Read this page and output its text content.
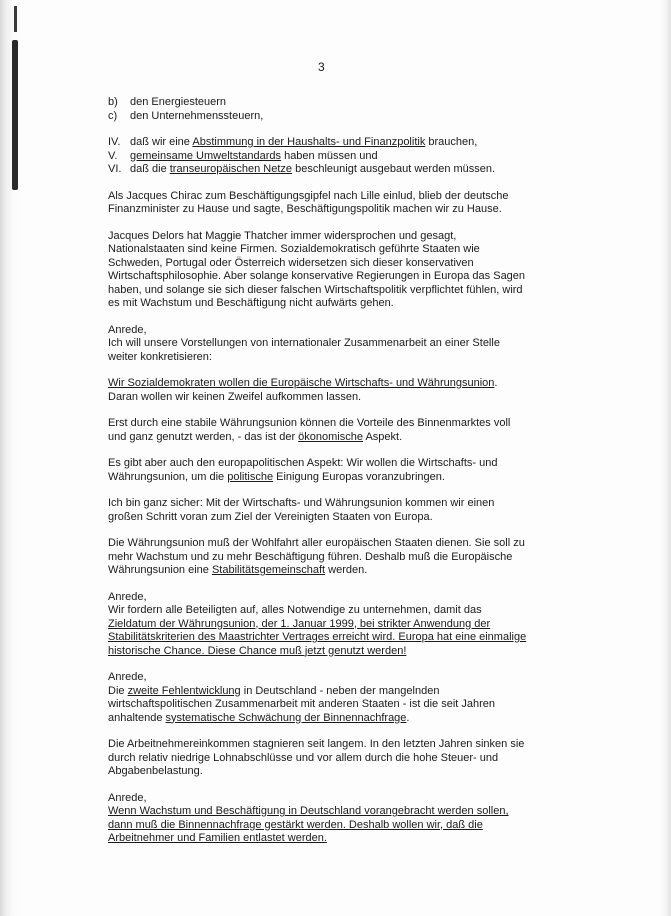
3
b)	den Energiesteuern
c)	den Unternehmenssteuern,
IV. daß wir eine Abstimmung in der Haushalts- und Finanzpolitik brauchen,
V.	gemeinsame Umweltstandards haben müssen und
VI. daß die transeuropäischen Netze beschleunigt ausgebaut werden müssen.
Als Jacques Chirac zum Beschäftigungsgipfel nach Lille einlud, blieb der deutsche
Finanzminister zu Hause und sagte, Beschäftigungspolitik machen wir zu Hause.
Jacques Delors hat Maggie Thatcher immer widersprochen und gesagt,
Nationalstaaten sind keine Firmen. Sozialdemokratisch geführte Staaten wie
Schweden, Portugal oder Österreich widersetzen sich dieser konservativen
Wirtschaftsphilosophie. Aber solange konservative Regierungen in Europa das Sagen
haben, und solange sie sich dieser falschen Wirtschaftspolitik verpflichtet fühlen, wird
es mit Wachstum und Beschäftigung nicht aufwärts gehen.
Anrede,
Ich will unsere Vorstellungen von internationaler Zusammenarbeit an einer Stelle
weiter konkretisieren:
Wir Sozialdemokraten wollen die Europäische Wirtschafts- und Währungsunion.
Daran wollen wir keinen Zweifel aufkommen lassen.
Erst durch eine stabile Währungsunion können die Vorteile des Binnenmarktes voll
und ganz genutzt werden, - das ist der ökonomische Aspekt.
Es gibt aber auch den europapolitischen Aspekt: Wir wollen die Wirtschafts- und
Währungsunion, um die politische Einigung Europas voranzubringen.
Ich bin ganz sicher: Mit der Wirtschafts- und Währungsunion kommen wir einen
großen Schritt voran zum Ziel der Vereinigten Staaten von Europa.
Die Währungsunion muß der Wohlfahrt aller europäischen Staaten dienen. Sie soll zu
mehr Wachstum und zu mehr Beschäftigung führen. Deshalb muß die Europäische
Währungsunion eine Stabilitätsgemeinschaft werden.
Anrede,
Wir fordern alle Beteiligten auf, alles Notwendige zu unternehmen, damit das
Zieldatum der Währungsunion, der 1. Januar 1999, bei strikter Anwendung der
Stabilitätskriterien des Maastrichter Vertrages erreicht wird. Europa hat eine einmalige
historische Chance. Diese Chance muß jetzt genutzt werden!
Anrede,
Die zweite Fehlentwicklung in Deutschland - neben der mangelnden
wirtschaftspolitischen Zusammenarbeit mit anderen Staaten - ist die seit Jahren
anhaltende systematische Schwächung der Binnennachfrage.
Die Arbeitnehmereinkommen stagnieren seit langem. In den letzten Jahren sinken sie
durch relativ niedrige Lohnabschlüsse und vor allem durch die hohe Steuer- und
Abgabenbelastung.
Anrede,
Wenn Wachstum und Beschäftigung in Deutschland vorangebracht werden sollen,
dann muß die Binnennachfrage gestärkt werden. Deshalb wollen wir, daß die
Arbeitnehmer und Familien entlastet werden.
